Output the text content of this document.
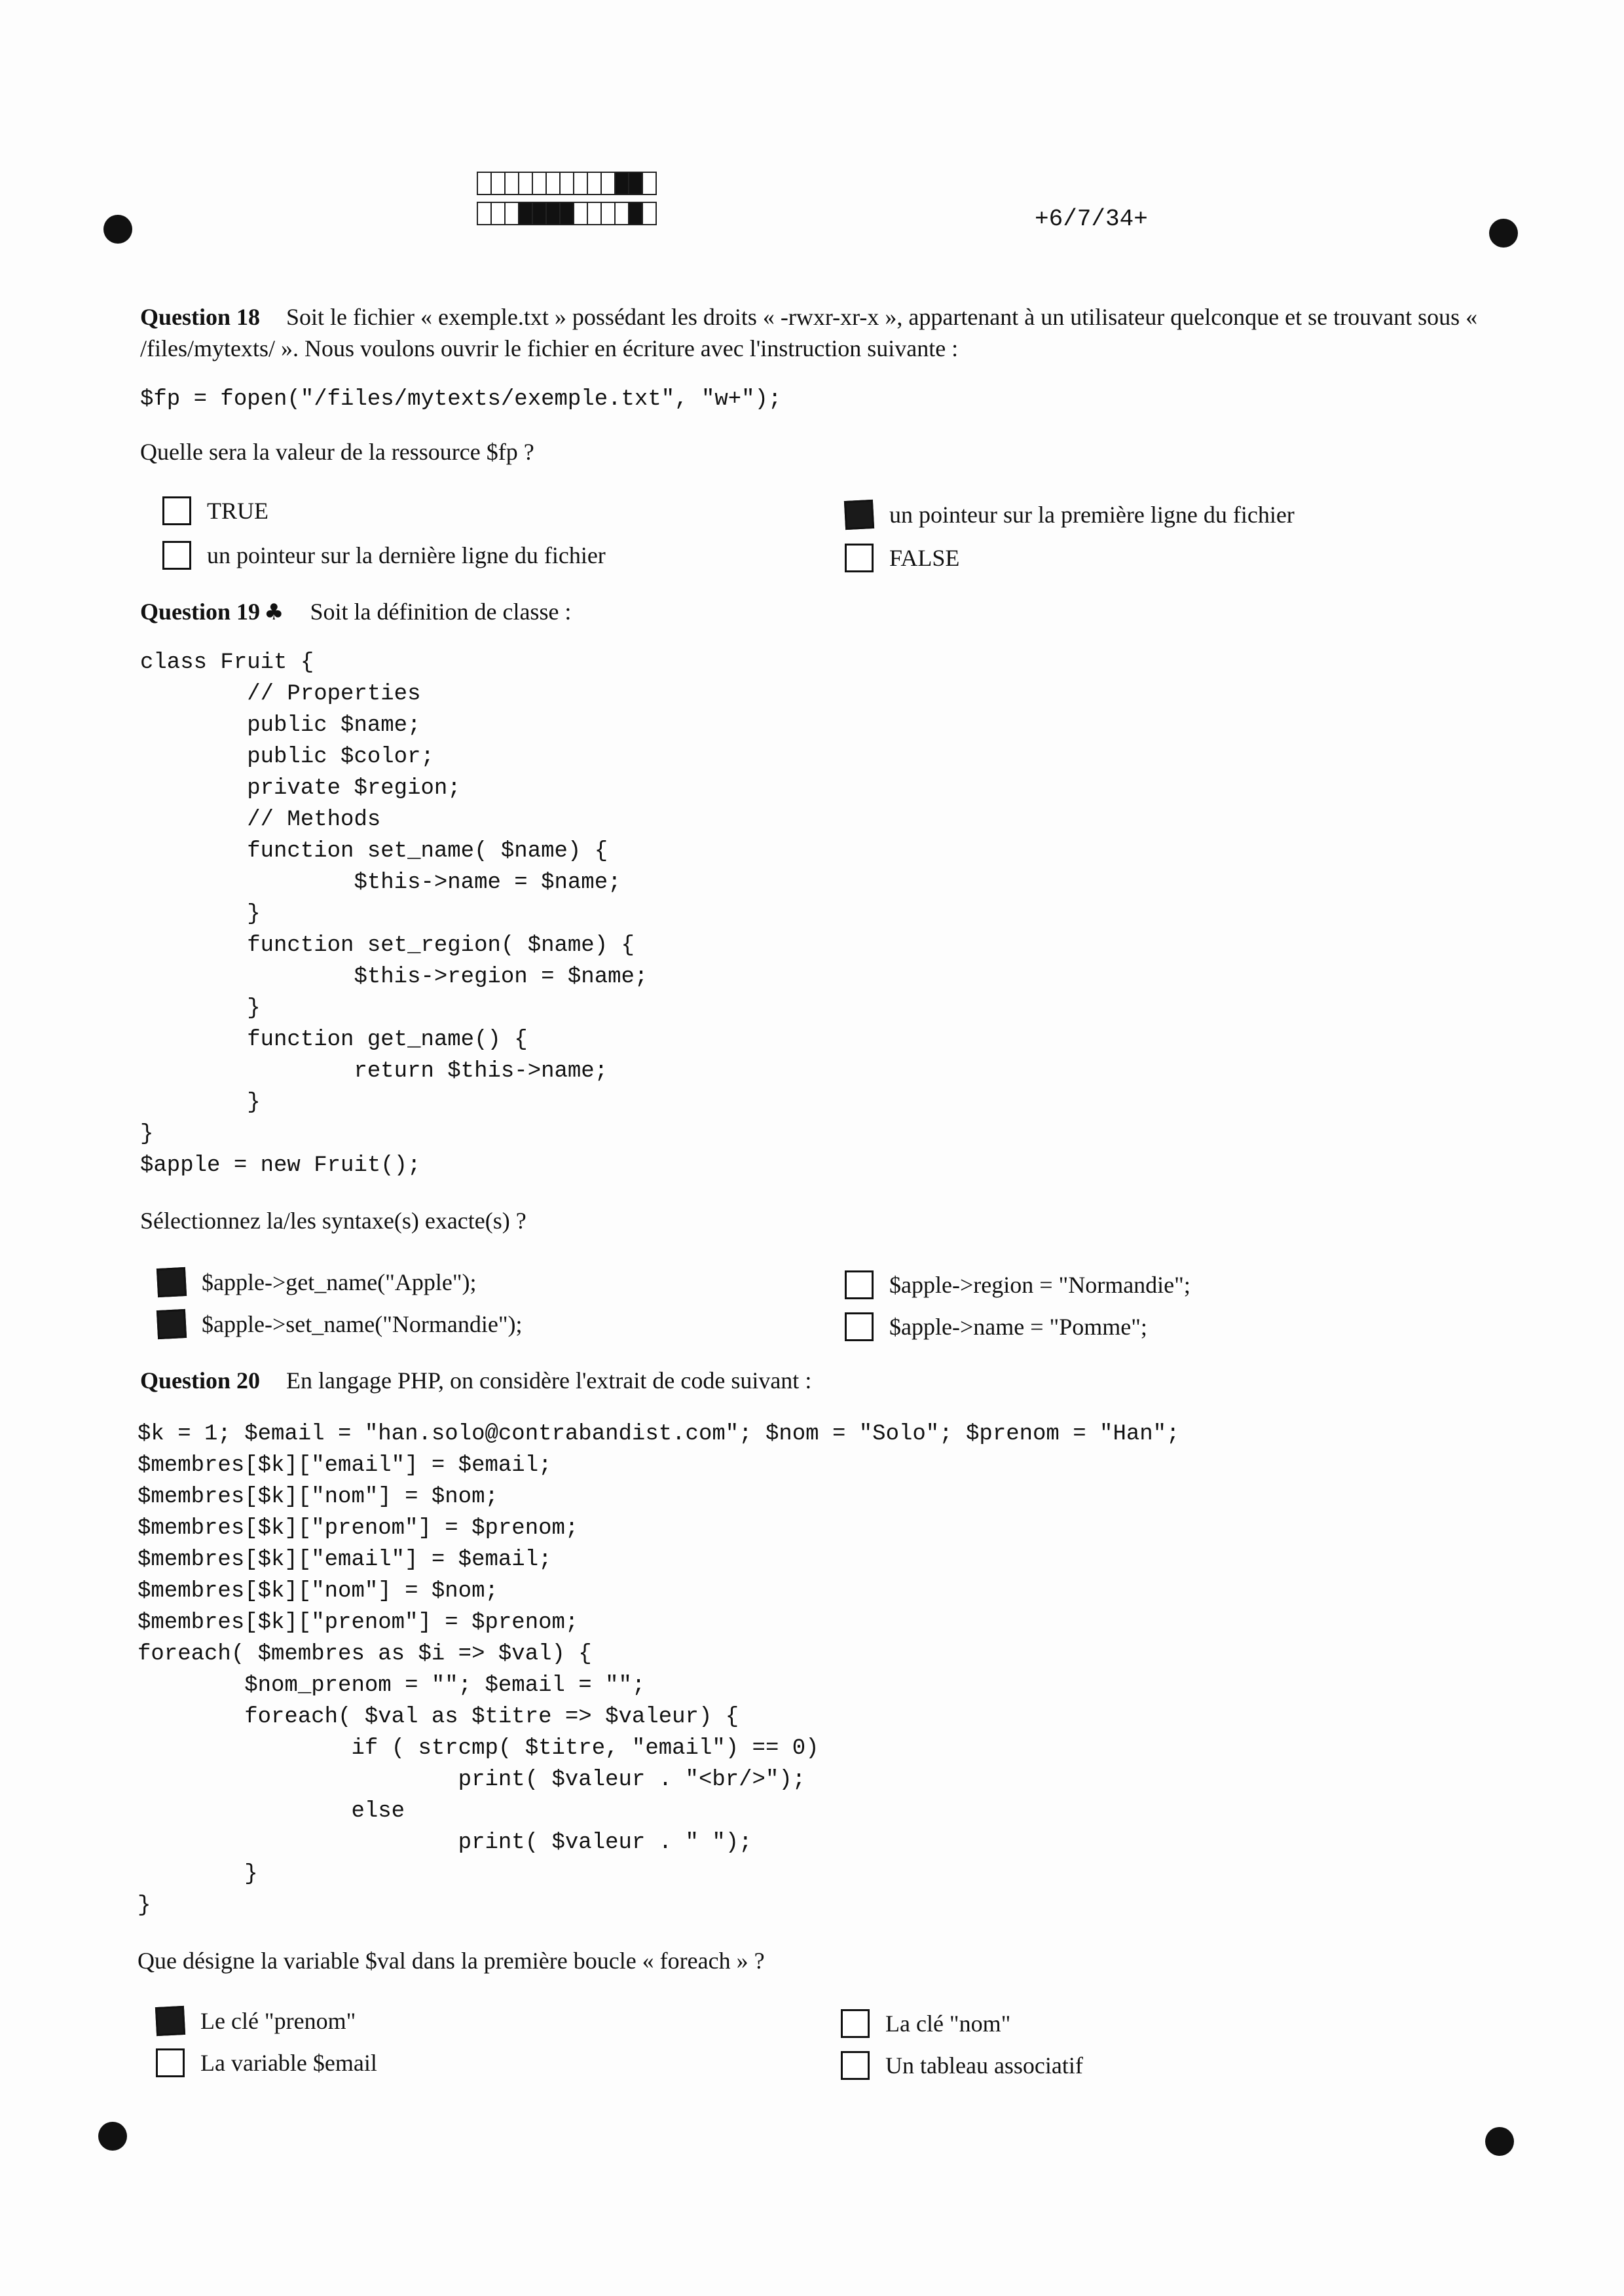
+6/7/34+
Question 18 Soit le fichier « exemple.txt » possédant les droits « -rwxr-xr-x », appartenant à un utilisateur quelconque et se trouvant sous « /files/mytexts/ ». Nous voulons ouvrir le fichier en écriture avec l'instruction suivante :
$fp = fopen("/files/mytexts/exemple.txt", "w+");
Quelle sera la valeur de la ressource $fp ?
TRUE
un pointeur sur la dernière ligne du fichier
un pointeur sur la première ligne du fichier
FALSE
Question 19 ♣ Soit la définition de classe :
class Fruit {
// Properties
public $name;
public $color;
private $region;
// Methods
function set_name( $name) {
$this->name = $name;
}
function set_region( $name) {
$this->region = $name;
}
function get_name() {
return $this->name;
}
}
$apple = new Fruit();
Sélectionnez la/les syntaxe(s) exacte(s) ?
$apple->get_name("Apple");
$apple->set_name("Normandie");
$apple->region = "Normandie";
$apple->name = "Pomme";
Question 20 En langage PHP, on considère l'extrait de code suivant :
$k = 1; $email = "han.solo@contrabandist.com"; $nom = "Solo"; $prenom = "Han";
$membres[$k]["email"] = $email;
$membres[$k]["nom"] = $nom;
$membres[$k]["prenom"] = $prenom;
$membres[$k]["email"] = $email;
$membres[$k]["nom"] = $nom;
$membres[$k]["prenom"] = $prenom;
foreach( $membres as $i => $val) {
$nom_prenom = ""; $email = "";
foreach( $val as $titre => $valeur) {
if ( strcmp( $titre, "email") == 0)
print( $valeur . "<br/>");
else
print( $valeur . " ");
}
}
Que désigne la variable $val dans la première boucle « foreach » ?
Le clé "prenom"
La variable $email
La clé "nom"
Un tableau associatif
